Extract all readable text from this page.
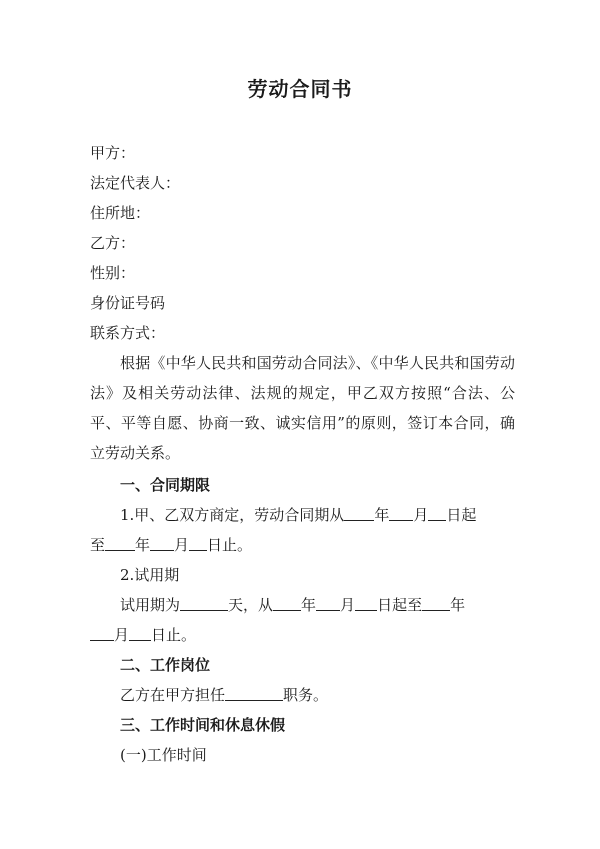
劳动合同书
甲方：
法定代表人：
住所地：
乙方：
性别：
身份证号码
联系方式：
根据《中华人民共和国劳动合同法》、《中华人民共和国劳动法》及相关劳动法律、法规的规定，甲乙双方按照“合法、公平、平等自愿、协商一致、诚实信用”的原则，签订本合同，确立劳动关系。
一、合同期限
1.甲、乙双方商定，劳动合同期从 年 月 日起
至 年 月 日止。
2.试用期
试用期为	天，从 年 月 日起至 年
月 日止。
二、工作岗位
乙方在甲方担任	职务。
三、工作时间和休息休假
(一)工作时间
